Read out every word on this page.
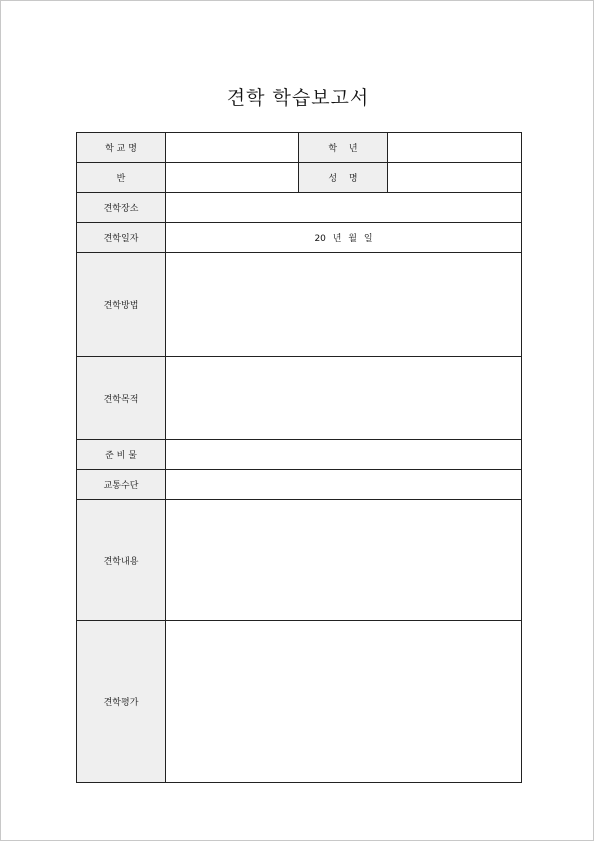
견학 학습보고서
학 교 명		학　 년	
반		성　 명	
견학장소			
견학일자	20 년 월 일		
견학방법			
견학목적			
준 비 물			
교통수단			
견학내용			
견학평가			
